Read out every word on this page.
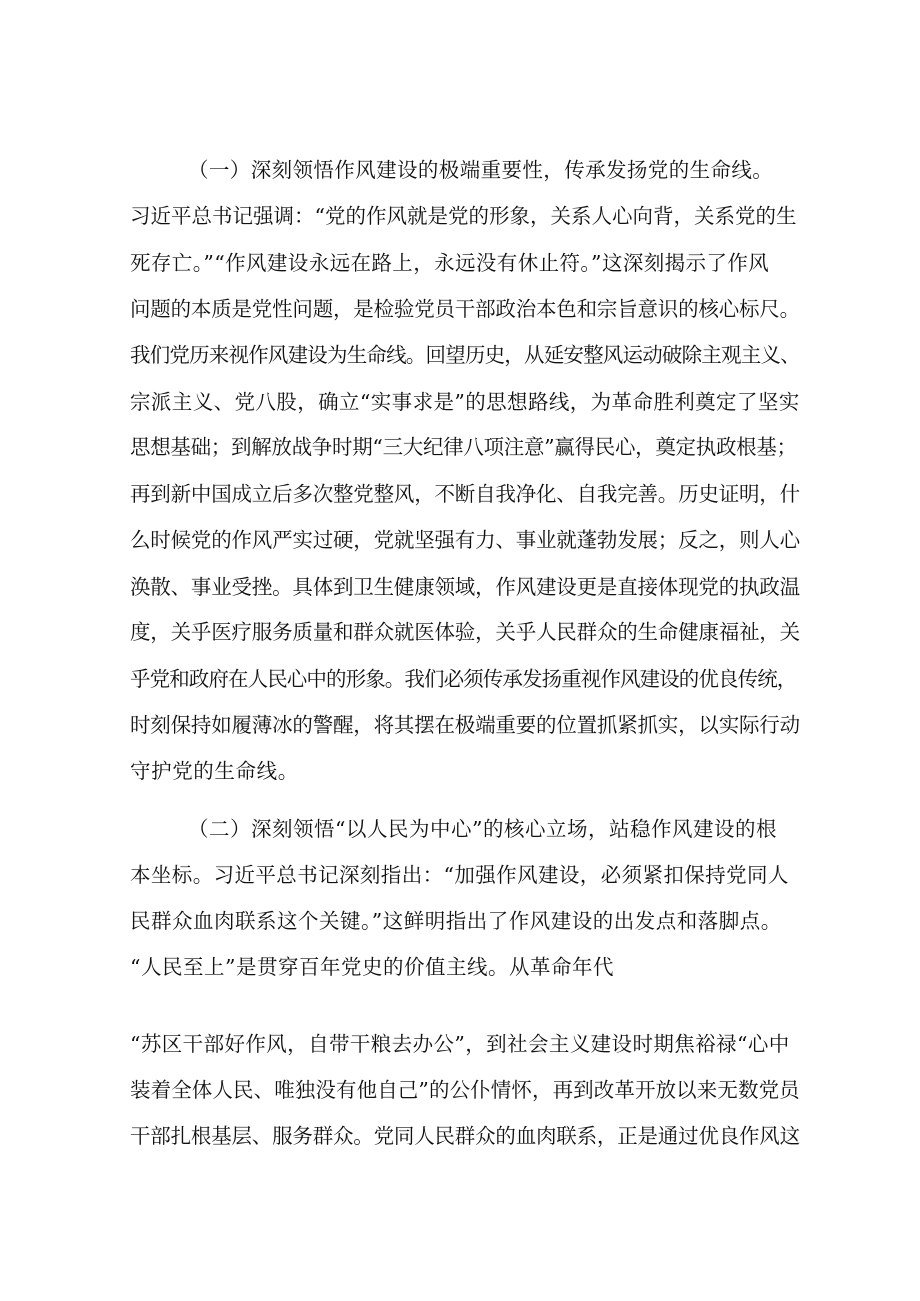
（一）深刻领悟作风建设的极端重要性，传承发扬党的生命线。
习近平总书记强调：“党的作风就是党的形象，关系人心向背，关系党的生
死存亡。”“作风建设永远在路上，永远没有休止符。”这深刻揭示了作风
问题的本质是党性问题，是检验党员干部政治本色和宗旨意识的核心标尺。
我们党历来视作风建设为生命线。回望历史，从延安整风运动破除主观主义、
宗派主义、党八股，确立“实事求是”的思想路线，为革命胜利奠定了坚实
思想基础；到解放战争时期“三大纪律八项注意”赢得民心，奠定执政根基；
再到新中国成立后多次整党整风，不断自我净化、自我完善。历史证明，什
么时候党的作风严实过硬，党就坚强有力、事业就蓬勃发展；反之，则人心
涣散、事业受挫。具体到卫生健康领域，作风建设更是直接体现党的执政温
度，关乎医疗服务质量和群众就医体验，关乎人民群众的生命健康福祉，关
乎党和政府在人民心中的形象。我们必须传承发扬重视作风建设的优良传统，
时刻保持如履薄冰的警醒，将其摆在极端重要的位置抓紧抓实，以实际行动
守护党的生命线。
（二）深刻领悟“以人民为中心”的核心立场，站稳作风建设的根
本坐标。习近平总书记深刻指出：“加强作风建设，必须紧扣保持党同人
民群众血肉联系这个关键。”这鲜明指出了作风建设的出发点和落脚点。
“人民至上”是贯穿百年党史的价值主线。从革命年代
“苏区干部好作风，自带干粮去办公”，到社会主义建设时期焦裕禄“心中
装着全体人民、唯独没有他自己”的公仆情怀，再到改革开放以来无数党员
干部扎根基层、服务群众。党同人民群众的血肉联系，正是通过优良作风这
